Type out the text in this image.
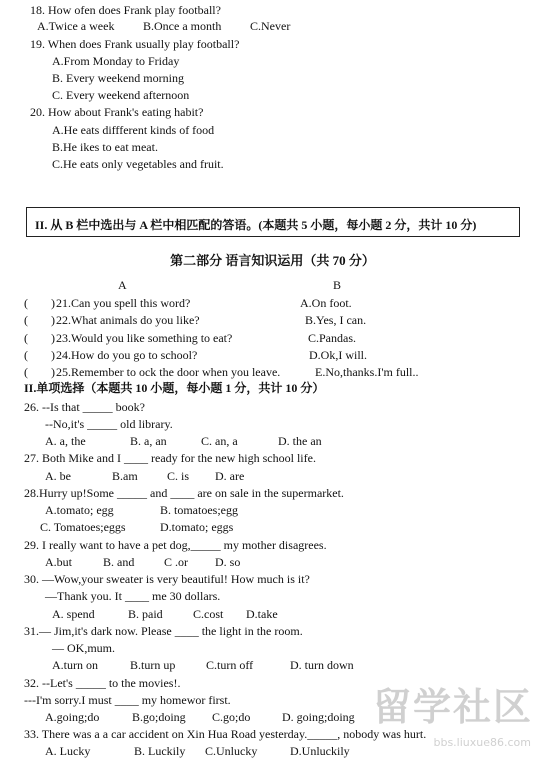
18. How ofen does Frank play football?
A.Twice a week B.Once a month C.Never
19. When does Frank usually play football?
A.From Monday to Friday
B. Every weekend morning
C. Every weekend afternoon
20. How about Frank's eating habit?
A.He eats diffferent kinds of food
B.He ikes to eat meat.
C.He eats only vegetables and fruit.
II. 从 B 栏中选出与 A 栏中相匹配的答语。(本题共 5 小题，每小题 2 分，共计 10 分)
第二部分 语言知识运用（共 70 分）
A	B
( ) 21.Can you spell this word?	A.On foot.
( ) 22.What animals do you like?	B.Yes, I can.
( ) 23.Would you like something to eat?	C.Pandas.
( ) 24.How do you go to school?	D.Ok,I will.
( ) 25.Remember to ock the door when you leave.	E.No,thanks.I'm full..
II.单项选择（本题共 10 小题，每小题 1 分，共计 10 分）
26. --Is that _____ book?
--No,it's _____ old library.
A. a, the	B. a, an	C. an, a	D. the an
27. Both Mike and I ____ ready for the new high school life.
A. be	B.am C. is D. are
28.Hurry up!Some _____ and ____ are on sale in the supermarket.
A.tomato; egg	B. tomatoes;egg
C. Tomatoes;eggs	D.tomato; eggs
29. I really want to have a pet dog,_____ my mother disagrees.
A.but	B. and C .or D. so
30. —Wow,your sweater is very beautiful! How much is it?
—Thank you. It ____ me 30 dollars.
A. spend	B. paid	C.cost D.take
31.— Jim,it's dark now. Please ____ the light in the room.
— OK,mum.
A.turn on	B.turn up	C.turn off	D. turn down
32. --Let's _____ to the movies!.
---I'm sorry.I must ____ my homewor first.
A.going;do	B.go;doing C.go;do	D. going;doing
33. There was a a car accident on Xin Hua Road yesterday._____, nobody was hurt.
A. Lucky	B. Luckily C.Unlucky	D.Unluckily
留学社区
bbs.liuxue86.com
